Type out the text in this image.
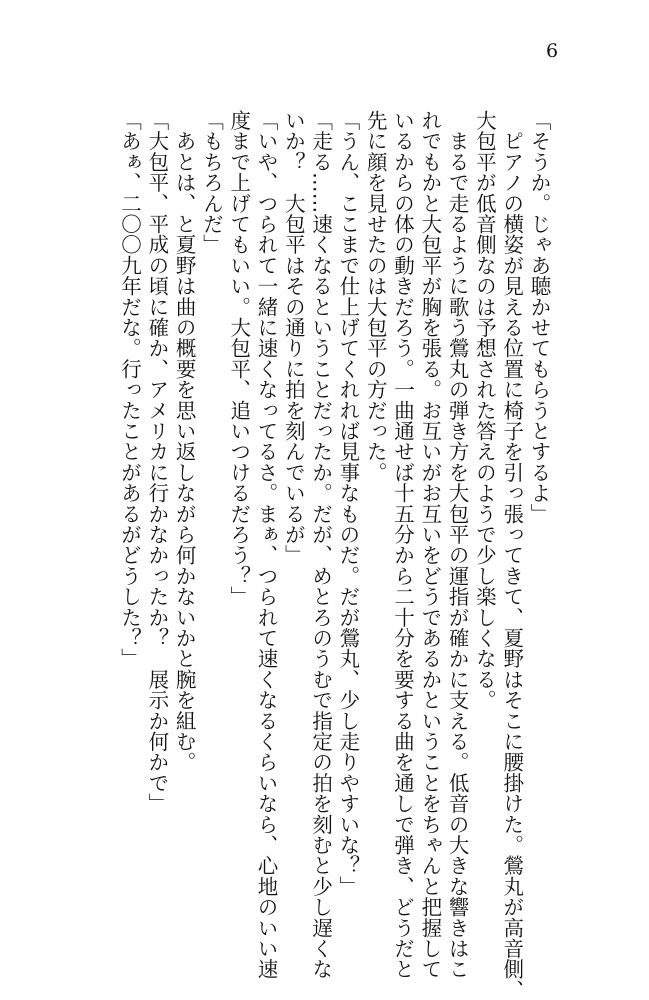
6
「そうか。じゃあ聴かせてもらうとするよ」
　ピアノの横姿が見える位置に椅子を引っ張ってきて、夏野はそこに腰掛けた。鶯丸が高音側、
大包平が低音側なのは予想された答えのようで少し楽しくなる。
　まるで走るように歌う鶯丸の弾き方を大包平の運指が確かに支える。低音の大きな響きはこ
れでもかと大包平が胸を張る。お互いがお互いをどうであるかということをちゃんと把握して
いるからの体の動きだろう。一曲通せば十五分から二十分を要する曲を通しで弾き、どうだと
先に顔を見せたのは大包平の方だった。
「うん、ここまで仕上げてくれれば見事なものだ。だが鶯丸、少し走りやすいな？」
「走る……速くなるということだったか。だが、めとろのうむで指定の拍を刻むと少し遅くな
いか？　大包平はその通りに拍を刻んでいるが」
「いや、つられて一緒に速くなってるさ。まぁ、つられて速くなるくらいなら、心地のいい速
度まで上げてもいい。大包平、追いつけるだろう？」
「もちろんだ」
　あとは、と夏野は曲の概要を思い返しながら何かないかと腕を組む。
「大包平、平成の頃に確か、アメリカに行かなかったか？　展示か何かで」
「あぁ、二〇〇九年だな。行ったことがあるがどうした？」
